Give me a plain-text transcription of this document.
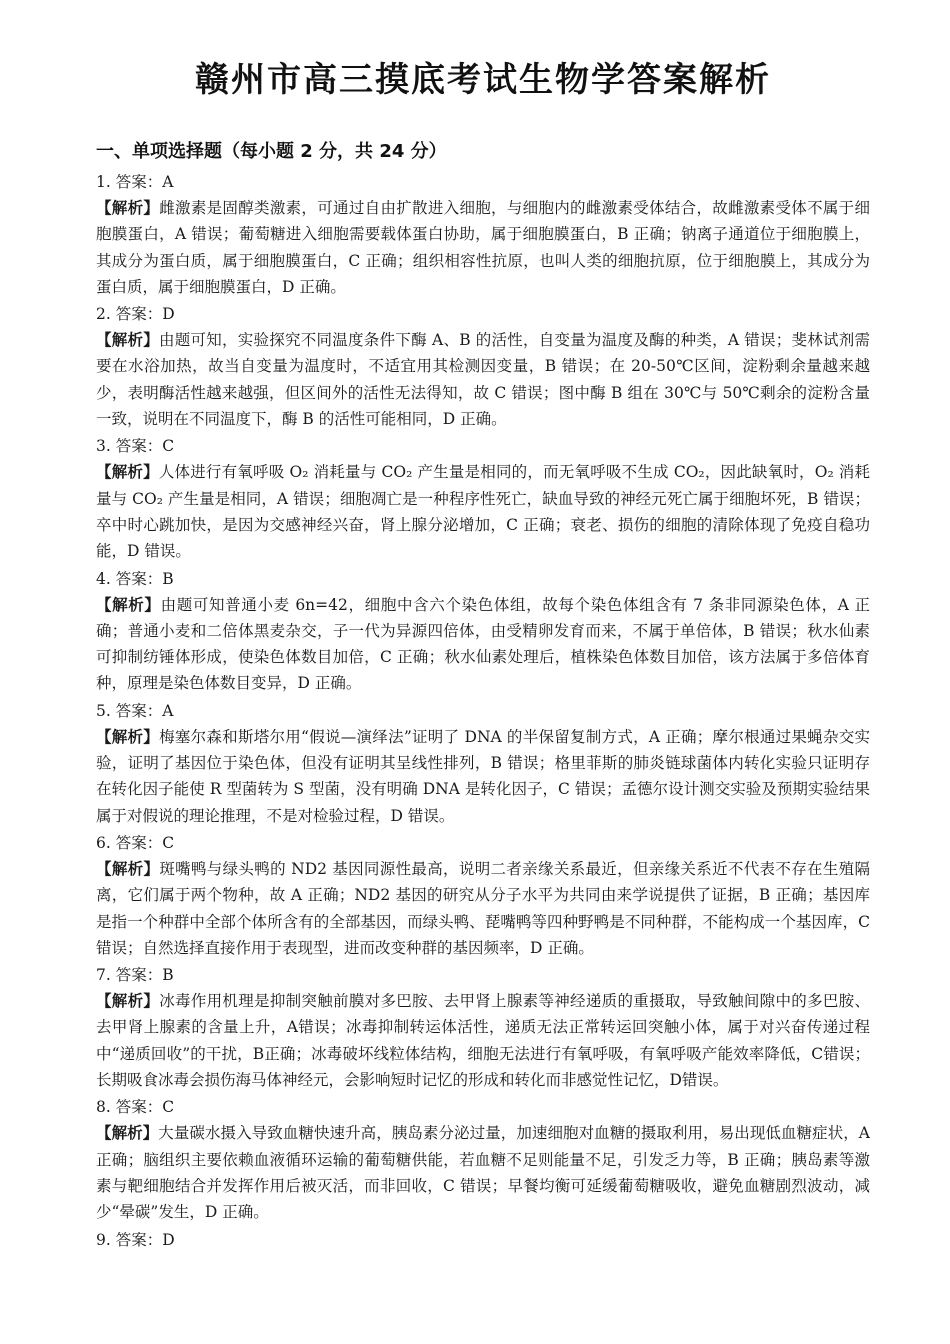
赣州市高三摸底考试生物学答案解析
一、单项选择题（每小题 2 分，共 24 分）

1. 答案：A

【解析】雌激素是固醇类激素，可通过自由扩散进入细胞，与细胞内的雌激素受体结合，故雌激素受体不属于细胞膜蛋白，A 错误；葡萄糖进入细胞需要载体蛋白协助，属于细胞膜蛋白，B 正确；钠离子通道位于细胞膜上，其成分为蛋白质，属于细胞膜蛋白，C 正确；组织相容性抗原，也叫人类的细胞抗原，位于细胞膜上，其成分为蛋白质，属于细胞膜蛋白，D 正确。

2. 答案：D

【解析】由题可知，实验探究不同温度条件下酶 A、B 的活性，自变量为温度及酶的种类，A 错误；斐林试剂需要在水浴加热，故当自变量为温度时，不适宜用其检测因变量，B 错误；在 20-50℃区间，淀粉剩余量越来越少，表明酶活性越来越强，但区间外的活性无法得知，故 C 错误；图中酶 B 组在 30℃与 50℃剩余的淀粉含量一致，说明在不同温度下，酶 B 的活性可能相同，D 正确。

3. 答案：C

【解析】人体进行有氧呼吸 O₂ 消耗量与 CO₂ 产生量是相同的，而无氧呼吸不生成 CO₂，因此缺氧时，O₂ 消耗量与 CO₂ 产生量是相同，A 错误；细胞凋亡是一种程序性死亡，缺血导致的神经元死亡属于细胞坏死，B 错误；卒中时心跳加快，是因为交感神经兴奋，肾上腺分泌增加，C 正确；衰老、损伤的细胞的清除体现了免疫自稳功能，D 错误。

4. 答案：B

【解析】由题可知普通小麦 6n=42，细胞中含六个染色体组，故每个染色体组含有 7 条非同源染色体，A 正确；普通小麦和二倍体黑麦杂交，子一代为异源四倍体，由受精卵发育而来，不属于单倍体，B 错误；秋水仙素可抑制纺锤体形成，使染色体数目加倍，C 正确；秋水仙素处理后，植株染色体数目加倍，该方法属于多倍体育种，原理是染色体数目变异，D 正确。

5. 答案：A

【解析】梅塞尔森和斯塔尔用“假说—演绎法”证明了 DNA 的半保留复制方式，A 正确；摩尔根通过果蝇杂交实验，证明了基因位于染色体，但没有证明其呈线性排列，B 错误；格里菲斯的肺炎链球菌体内转化实验只证明存在转化因子能使 R 型菌转为 S 型菌，没有明确 DNA 是转化因子，C 错误；孟德尔设计测交实验及预期实验结果属于对假说的理论推理，不是对检验过程，D 错误。

6. 答案：C

【解析】斑嘴鸭与绿头鸭的 ND2 基因同源性最高，说明二者亲缘关系最近，但亲缘关系近不代表不存在生殖隔离，它们属于两个物种，故 A 正确；ND2 基因的研究从分子水平为共同由来学说提供了证据，B 正确；基因库是指一个种群中全部个体所含有的全部基因，而绿头鸭、琵嘴鸭等四种野鸭是不同种群，不能构成一个基因库，C 错误；自然选择直接作用于表现型，进而改变种群的基因频率，D 正确。

7. 答案：B

【解析】冰毒作用机理是抑制突触前膜对多巴胺、去甲肾上腺素等神经递质的重摄取，导致触间隙中的多巴胺、去甲肾上腺素的含量上升，A错误；冰毒抑制转运体活性，递质无法正常转运回突触小体，属于对兴奋传递过程中“递质回收”的干扰，B正确；冰毒破坏线粒体结构，细胞无法进行有氧呼吸，有氧呼吸产能效率降低，C错误；长期吸食冰毒会损伤海马体神经元，会影响短时记忆的形成和转化而非感觉性记忆，D错误。

8. 答案：C

【解析】大量碳水摄入导致血糖快速升高，胰岛素分泌过量，加速细胞对血糖的摄取利用，易出现低血糖症状，A 正确；脑组织主要依赖血液循环运输的葡萄糖供能，若血糖不足则能量不足，引发乏力等，B 正确；胰岛素等激素与靶细胞结合并发挥作用后被灭活，而非回收，C 错误；早餐均衡可延缓葡萄糖吸收，避免血糖剧烈波动，减少“晕碳”发生，D 正确。

9. 答案：D
